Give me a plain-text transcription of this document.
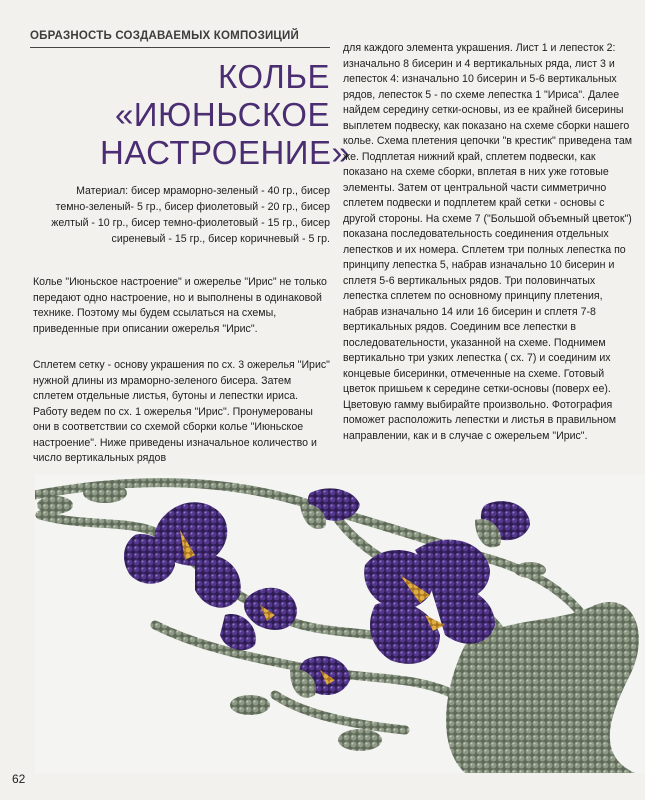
ОБРАЗНОСТЬ СОЗДАВАЕМЫХ КОМПОЗИЦИЙ
КОЛЬЕ
«ИЮНЬСКОЕ
НАСТРОЕНИЕ»
Материал: бисер мраморно-зеленый - 40 гр., бисер темно-зеленый- 5 гр., бисер фиолетовый - 20 гр., бисер желтый - 10 гр., бисер темно-фиолетовый - 15 гр., бисер сиреневый - 15 гр., бисер коричневый - 5 гр.
Колье "Июньское настроение" и ожерелье "Ирис" не только передают одно настроение, но и выполнены в одинаковой технике. Поэтому мы будем ссылаться на схемы, приведенные при описании ожерелья "Ирис".
Сплетем сетку - основу украшения по сх. 3 ожерелья "Ирис" нужной длины из мраморно-зеленого бисера. Затем сплетем отдельные листья, бутоны и лепестки ириса. Работу ведем по сх. 1 ожерелья "Ирис". Пронумерованы они в соответствии со схемой сборки колье "Июньское настроение". Ниже приведены изначальное количество и число вертикальных рядов
для каждого элемента украшения. Лист 1 и лепесток 2: изначально 8 бисерин и 4 вертикальных ряда, лист 3 и лепесток 4: изначально 10 бисерин и 5-6 вертикальных рядов, лепесток 5 - по схеме лепестка 1 "Ириса". Далее найдем середину сетки-основы, из ее крайней бисерины выплетем подвеску, как показано на схеме сборки нашего колье. Схема плетения цепочки "в крестик" приведена там же. Подплетая нижний край, сплетем подвески, как показано на схеме сборки, вплетая в них уже готовые элементы. Затем от центральной части симметрично сплетем подвески и подплетем край сетки - основы с другой стороны. На схеме 7 ("Большой объемный цветок") показана последовательность соединения отдельных лепестков и их номера. Сплетем три полных лепестка по принципу лепестка 5, набрав изначально 10 бисерин и сплетя 5-6 вертикальных рядов. Три половинчатых лепестка сплетем по основному принципу плетения, набрав изначально 14 или 16 бисерин и сплетя 7-8 вертикальных рядов. Соединим все лепестки в последовательности, указанной на схеме. Поднимем вертикально три узких лепестка ( сх. 7) и соединим их концевые бисеринки, отмеченные на схеме. Готовый цветок пришьем к середине сетки-основы (поверх ее). Цветовую гамму выбирайте произвольно. Фотография поможет расположить лепестки и листья в правильном направлении, как и в случае с ожерельем "Ирис".
62
